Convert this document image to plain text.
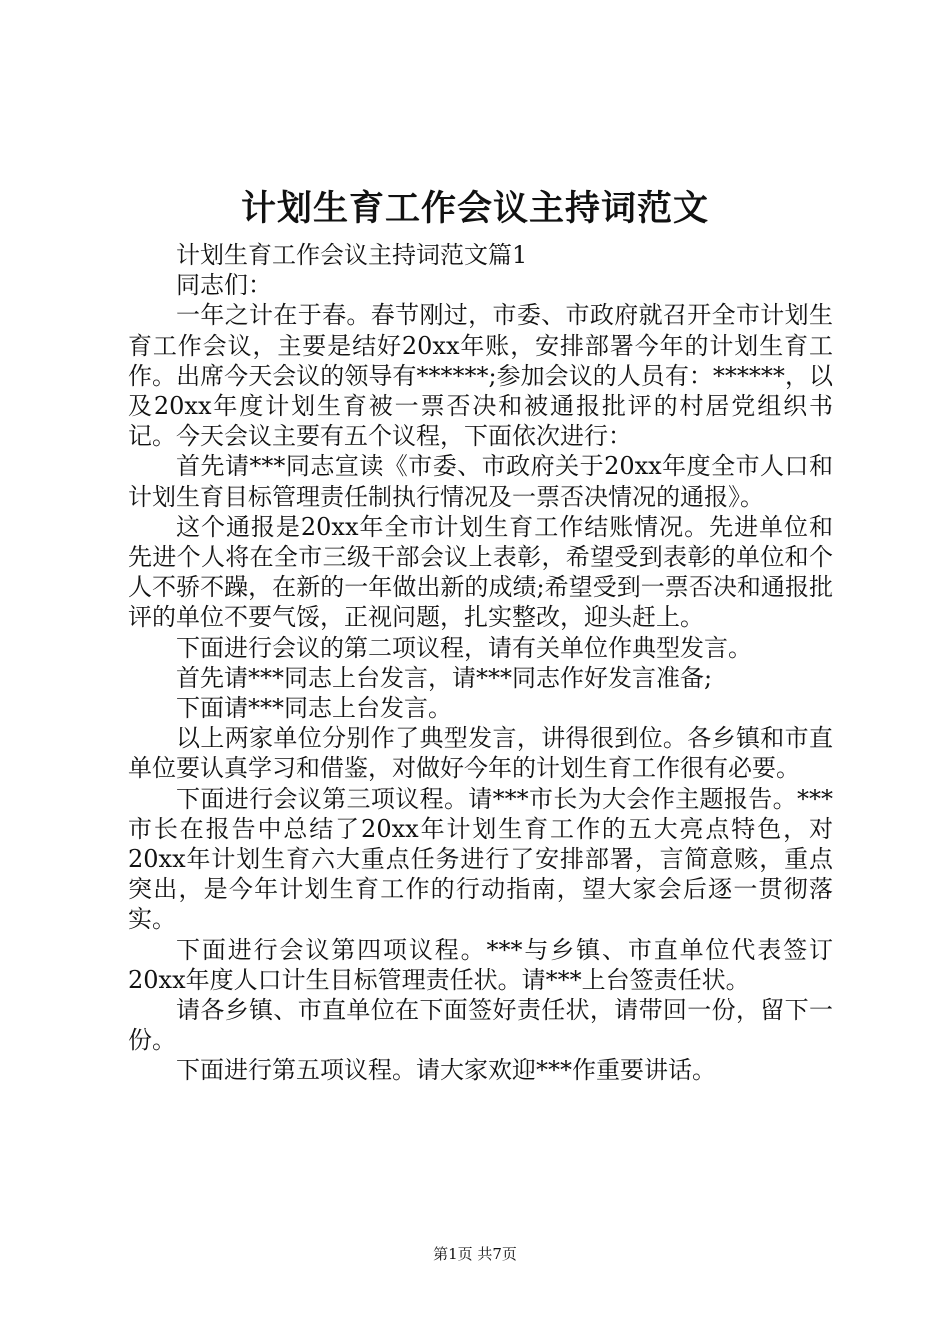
计划生育工作会议主持词范文

计划生育工作会议主持词范文篇1

同志们：

一年之计在于春。春节刚过，市委、市政府就召开全市计划生育工作会议，主要是结好20xx年账，安排部署今年的计划生育工作。出席今天会议的领导有******;参加会议的人员有：******，以及20xx年度计划生育被一票否决和被通报批评的村居党组织书记。今天会议主要有五个议程，下面依次进行：

首先请***同志宣读《市委、市政府关于20xx年度全市人口和计划生育目标管理责任制执行情况及一票否决情况的通报》。

这个通报是20xx年全市计划生育工作结账情况。先进单位和先进个人将在全市三级干部会议上表彰，希望受到表彰的单位和个人不骄不躁，在新的一年做出新的成绩;希望受到一票否决和通报批评的单位不要气馁，正视问题，扎实整改，迎头赶上。

下面进行会议的第二项议程，请有关单位作典型发言。

首先请***同志上台发言，请***同志作好发言准备;

下面请***同志上台发言。

以上两家单位分别作了典型发言，讲得很到位。各乡镇和市直单位要认真学习和借鉴，对做好今年的计划生育工作很有必要。

下面进行会议第三项议程。请***市长为大会作主题报告。***市长在报告中总结了20xx年计划生育工作的五大亮点特色，对20xx年计划生育六大重点任务进行了安排部署，言简意赅，重点突出，是今年计划生育工作的行动指南，望大家会后逐一贯彻落实。

下面进行会议第四项议程。***与乡镇、市直单位代表签订20xx年度人口计生目标管理责任状。请***上台签责任状。

请各乡镇、市直单位在下面签好责任状，请带回一份，留下一份。

下面进行第五项议程。请大家欢迎***作重要讲话。

第1页 共7页
